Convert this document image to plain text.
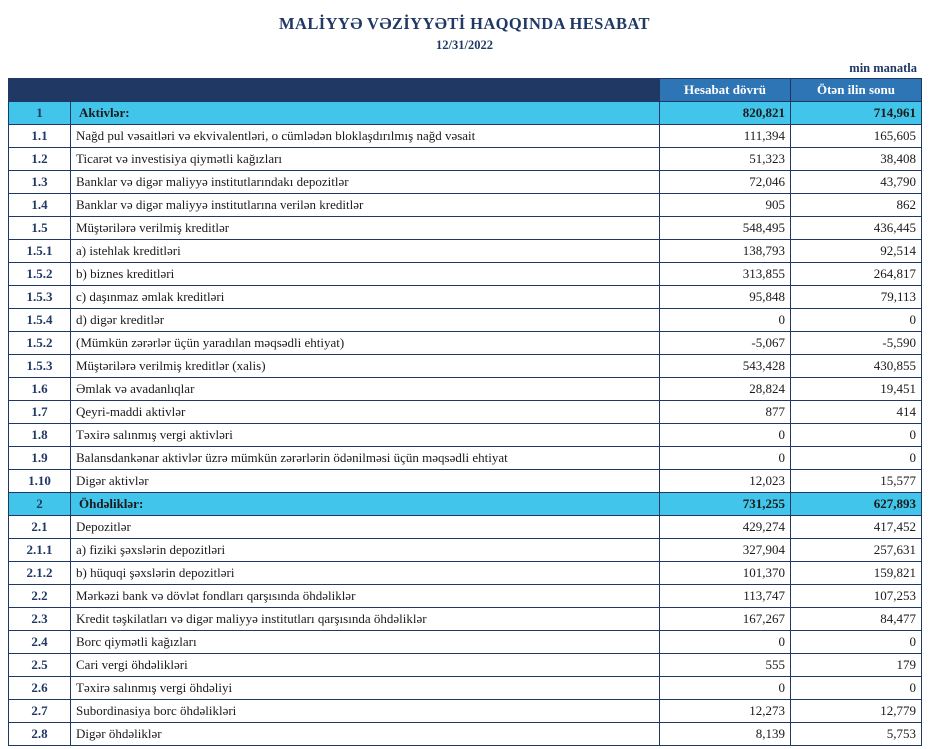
MALİYYƏ VƏZİYYƏTİ HAQQINDA HESABAT
12/31/2022
min manatla
		Hesabat dövrü	Ötən ilin sonu
1	Aktivlər:	820,821	714,961
1.1	Nağd pul vəsaitləri və ekvivalentləri, o cümlədən bloklaşdırılmış nağd vəsait	111,394	165,605
1.2	Ticarət və investisiya qiymətli kağızları	51,323	38,408
1.3	Banklar və digər maliyyə institutlarındakı depozitlər	72,046	43,790
1.4	Banklar və digər maliyyə institutlarına verilən kreditlər	905	862
1.5	Müştərilərə verilmiş kreditlər	548,495	436,445
1.5.1	a) istehlak kreditləri	138,793	92,514
1.5.2	b) biznes kreditləri	313,855	264,817
1.5.3	c) daşınmaz əmlak kreditləri	95,848	79,113
1.5.4	d) digər kreditlər	0	0
1.5.2	(Mümkün zərərlər üçün yaradılan məqsədli ehtiyat)	-5,067	-5,590
1.5.3	Müştərilərə verilmiş kreditlər (xalis)	543,428	430,855
1.6	Əmlak və avadanlıqlar	28,824	19,451
1.7	Qeyri-maddi aktivlər	877	414
1.8	Təxirə salınmış vergi aktivləri	0	0
1.9	Balansdankənar aktivlər üzrə mümkün zərərlərin ödənilməsi üçün məqsədli ehtiyat	0	0
1.10	Digər aktivlər	12,023	15,577
2	Öhdəliklər:	731,255	627,893
2.1	Depozitlər	429,274	417,452
2.1.1	a) fiziki şəxslərin depozitləri	327,904	257,631
2.1.2	b) hüquqi şəxslərin depozitləri	101,370	159,821
2.2	Mərkəzi bank və dövlət fondları qarşısında öhdəliklər	113,747	107,253
2.3	Kredit təşkilatları və digər maliyyə institutları qarşısında öhdəliklər	167,267	84,477
2.4	Borc qiymətli kağızları	0	0
2.5	Cari vergi öhdəlikləri	555	179
2.6	Təxirə salınmış vergi öhdəliyi	0	0
2.7	Subordinasiya borc öhdəlikləri	12,273	12,779
2.8	Digər öhdəliklər	8,139	5,753
